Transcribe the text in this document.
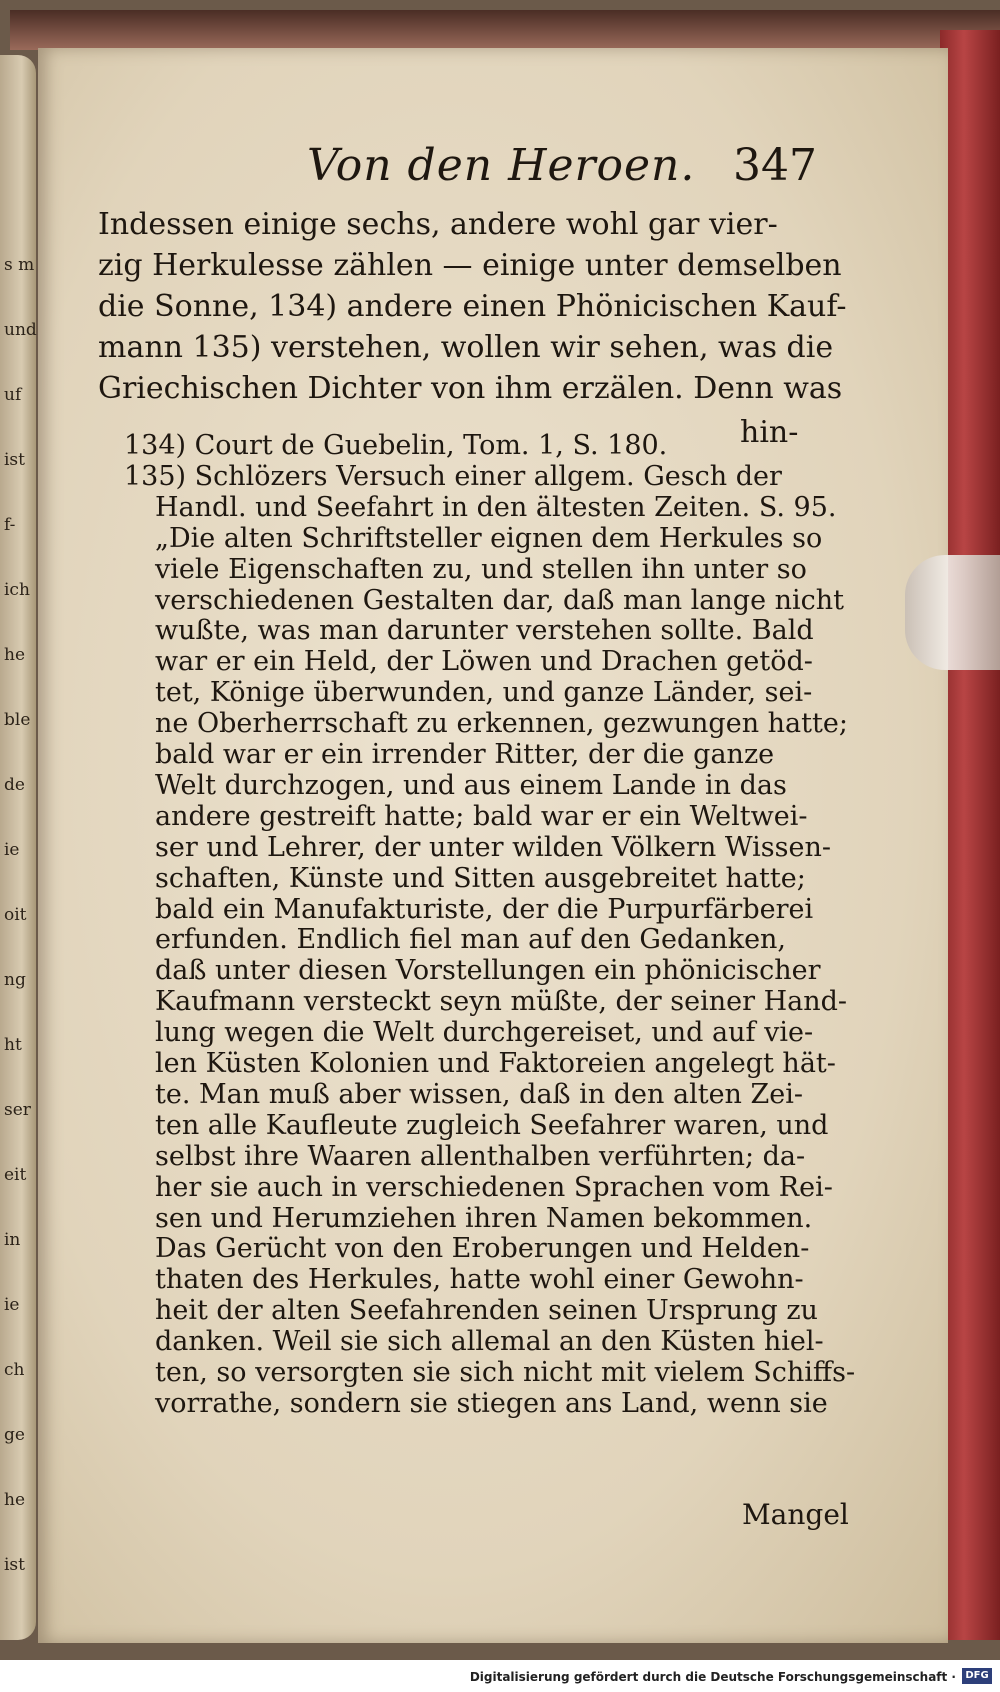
s m
und
uf
ist
f-
ich
he
ble
de
ie
oit
ng
ht
ser
eit
in
ie
ch
ge
he
ist
Von den Heroen. 347
Indessen einige sechs, andere wohl gar vier-
zig Herkulesse zählen — einige unter demselben
die Sonne, 134) andere einen Phönicischen Kauf-
mann 135) verstehen, wollen wir sehen, was die
Griechischen Dichter von ihm erzälen. Denn was
hin-
134) Court de Guebelin, Tom. 1, S. 180.
135) Schlözers Versuch einer allgem. Gesch der
Handl. und Seefahrt in den ältesten Zeiten. S. 95.
„Die alten Schriftsteller eignen dem Herkules so
viele Eigenschaften zu, und stellen ihn unter so
verschiedenen Gestalten dar, daß man lange nicht
wußte, was man darunter verstehen sollte. Bald
war er ein Held, der Löwen und Drachen getöd-
tet, Könige überwunden, und ganze Länder, sei-
ne Oberherrschaft zu erkennen, gezwungen hatte;
bald war er ein irrender Ritter, der die ganze
Welt durchzogen, und aus einem Lande in das
andere gestreift hatte; bald war er ein Weltwei-
ser und Lehrer, der unter wilden Völkern Wissen-
schaften, Künste und Sitten ausgebreitet hatte;
bald ein Manufakturiste, der die Purpurfärberei
erfunden. Endlich fiel man auf den Gedanken,
daß unter diesen Vorstellungen ein phönicischer
Kaufmann versteckt seyn müßte, der seiner Hand-
lung wegen die Welt durchgereiset, und auf vie-
len Küsten Kolonien und Faktoreien angelegt hät-
te. Man muß aber wissen, daß in den alten Zei-
ten alle Kaufleute zugleich Seefahrer waren, und
selbst ihre Waaren allenthalben verführten; da-
her sie auch in verschiedenen Sprachen vom Rei-
sen und Herumziehen ihren Namen bekommen.
Das Gerücht von den Eroberungen und Helden-
thaten des Herkules, hatte wohl einer Gewohn-
heit der alten Seefahrenden seinen Ursprung zu
danken. Weil sie sich allemal an den Küsten hiel-
ten, so versorgten sie sich nicht mit vielem Schiffs-
vorrathe, sondern sie stiegen ans Land, wenn sie
Mangel
Digitalisierung gefördert durch die Deutsche Forschungsgemeinschaft · DFG
